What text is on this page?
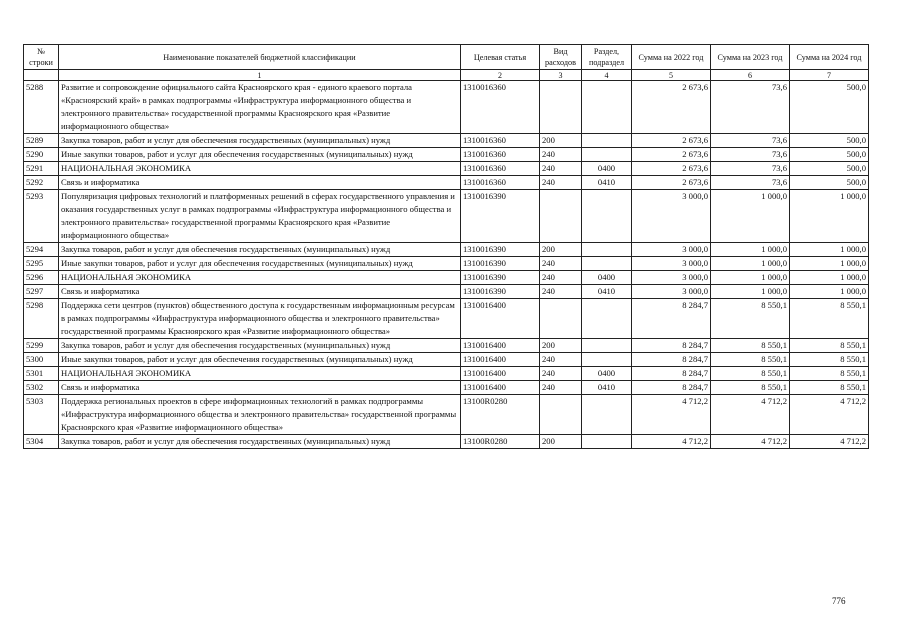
№ строки	Наименование показателей бюджетной классификации	Целевая статья	Вид расходов	Раздел, подраздел	Сумма на 2022 год	Сумма на 2023 год	Сумма на 2024 год
	1	2	3	4	5	6	7
5288	Развитие и сопровождение официального сайта Красноярского края - единого краевого портала «Красноярский край» в рамках подпрограммы «Инфраструктура информационного общества и электронного правительства» государственной программы Красноярского края «Развитие информационного общества»	1310016360			2 673,6	73,6	500,0
5289	Закупка товаров, работ и услуг для обеспечения государственных (муниципальных) нужд	1310016360	200		2 673,6	73,6	500,0
5290	Иные закупки товаров, работ и услуг для обеспечения государственных (муниципальных) нужд	1310016360	240		2 673,6	73,6	500,0
5291	НАЦИОНАЛЬНАЯ ЭКОНОМИКА	1310016360	240	0400	2 673,6	73,6	500,0
5292	Связь и информатика	1310016360	240	0410	2 673,6	73,6	500,0
5293	Популяризация цифровых технологий и платформенных решений в сферах государственного управления и оказания государственных услуг в рамках подпрограммы «Инфраструктура информационного общества и электронного правительства» государственной программы Красноярского края «Развитие информационного общества»	1310016390			3 000,0	1 000,0	1 000,0
5294	Закупка товаров, работ и услуг для обеспечения государственных (муниципальных) нужд	1310016390	200		3 000,0	1 000,0	1 000,0
5295	Иные закупки товаров, работ и услуг для обеспечения государственных (муниципальных) нужд	1310016390	240		3 000,0	1 000,0	1 000,0
5296	НАЦИОНАЛЬНАЯ ЭКОНОМИКА	1310016390	240	0400	3 000,0	1 000,0	1 000,0
5297	Связь и информатика	1310016390	240	0410	3 000,0	1 000,0	1 000,0
5298	Поддержка сети центров (пунктов) общественного доступа к государственным информационным ресурсам в рамках подпрограммы «Инфраструктура информационного общества и электронного правительства» государственной программы Красноярского края «Развитие информационного общества»	1310016400			8 284,7	8 550,1	8 550,1
5299	Закупка товаров, работ и услуг для обеспечения государственных (муниципальных) нужд	1310016400	200		8 284,7	8 550,1	8 550,1
5300	Иные закупки товаров, работ и услуг для обеспечения государственных (муниципальных) нужд	1310016400	240		8 284,7	8 550,1	8 550,1
5301	НАЦИОНАЛЬНАЯ ЭКОНОМИКА	1310016400	240	0400	8 284,7	8 550,1	8 550,1
5302	Связь и информатика	1310016400	240	0410	8 284,7	8 550,1	8 550,1
5303	Поддержка региональных проектов в сфере информационных технологий в рамках подпрограммы «Инфраструктура информационного общества и электронного правительства» государственной программы Красноярского края «Развитие информационного общества»	13100R0280			4 712,2	4 712,2	4 712,2
5304	Закупка товаров, работ и услуг для обеспечения государственных (муниципальных) нужд	13100R0280	200		4 712,2	4 712,2	4 712,2
776
